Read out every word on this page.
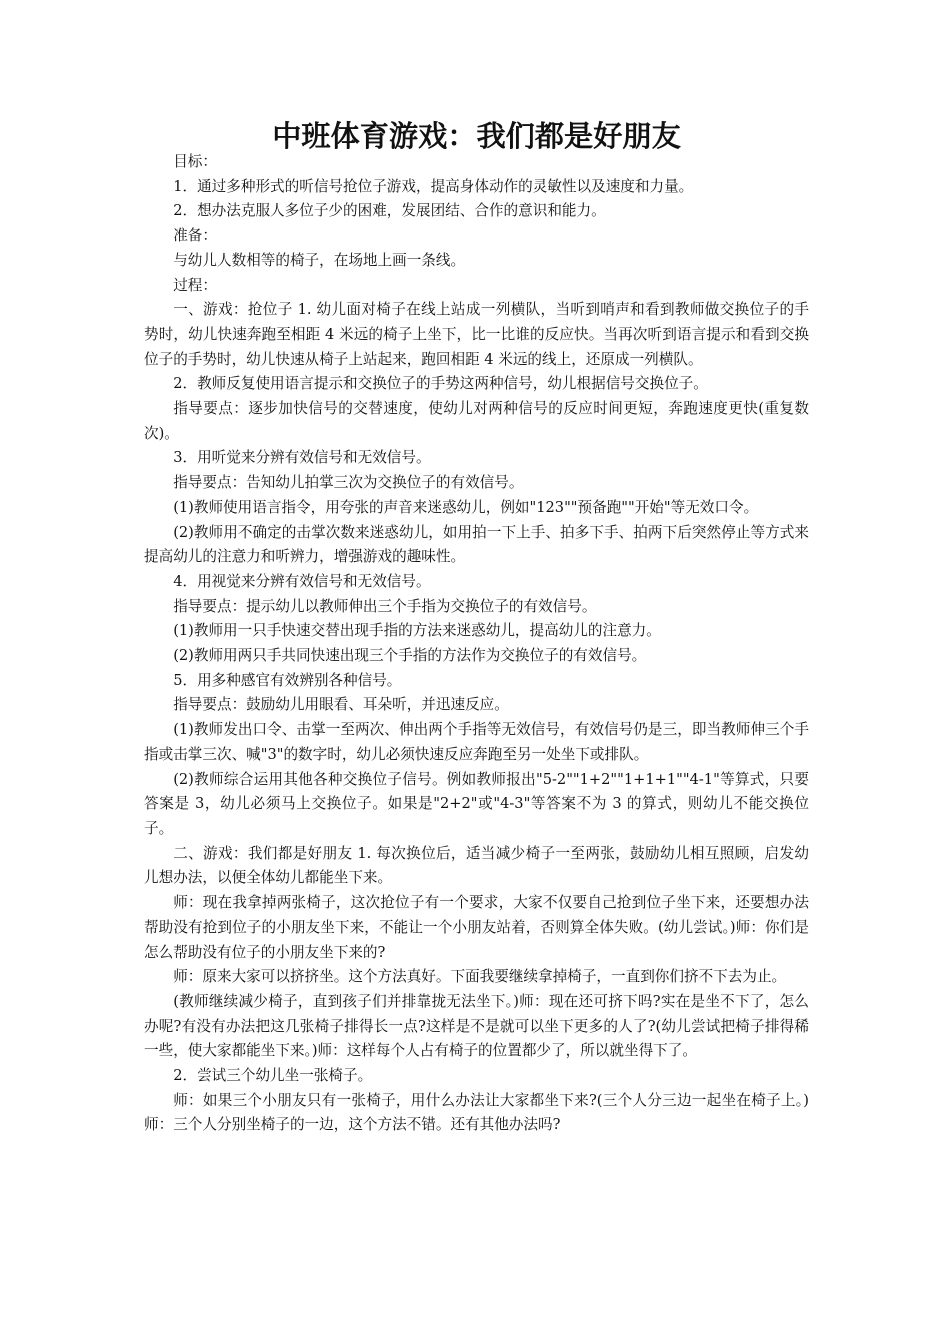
中班体育游戏：我们都是好朋友

目标：

1．通过多种形式的听信号抢位子游戏，提高身体动作的灵敏性以及速度和力量。

2．想办法克服人多位子少的困难，发展团结、合作的意识和能力。

准备：

与幼儿人数相等的椅子，在场地上画一条线。

过程：

一、游戏：抢位子 1. 幼儿面对椅子在线上站成一列横队，当听到哨声和看到教师做交换位子的手势时，幼儿快速奔跑至相距 4 米远的椅子上坐下，比一比谁的反应快。当再次听到语言提示和看到交换位子的手势时，幼儿快速从椅子上站起来，跑回相距 4 米远的线上，还原成一列横队。

2．教师反复使用语言提示和交换位子的手势这两种信号，幼儿根据信号交换位子。

指导要点：逐步加快信号的交替速度，使幼儿对两种信号的反应时间更短，奔跑速度更快(重复数次)。

3．用听觉来分辨有效信号和无效信号。

指导要点：告知幼儿拍掌三次为交换位子的有效信号。

(1)教师使用语言指令，用夸张的声音来迷惑幼儿，例如"123""预备跑""开始"等无效口令。

(2)教师用不确定的击掌次数来迷惑幼儿，如用拍一下上手、拍多下手、拍两下后突然停止等方式来提高幼儿的注意力和听辨力，增强游戏的趣味性。

4．用视觉来分辨有效信号和无效信号。

指导要点：提示幼儿以教师伸出三个手指为交换位子的有效信号。

(1)教师用一只手快速交替出现手指的方法来迷惑幼儿，提高幼儿的注意力。

(2)教师用两只手共同快速出现三个手指的方法作为交换位子的有效信号。

5．用多种感官有效辨别各种信号。

指导要点：鼓励幼儿用眼看、耳朵听，并迅速反应。

(1)教师发出口令、击掌一至两次、伸出两个手指等无效信号，有效信号仍是三，即当教师伸三个手指或击掌三次、喊"3"的数字时，幼儿必须快速反应奔跑至另一处坐下或排队。

(2)教师综合运用其他各种交换位子信号。例如教师报出"5-2""1+2""1+1+1""4-1"等算式，只要答案是 3，幼儿必须马上交换位子。如果是"2+2"或"4-3"等答案不为 3 的算式，则幼儿不能交换位子。

二、游戏：我们都是好朋友 1. 每次换位后，适当减少椅子一至两张，鼓励幼儿相互照顾，启发幼儿想办法，以便全体幼儿都能坐下来。

师：现在我拿掉两张椅子，这次抢位子有一个要求，大家不仅要自己抢到位子坐下来，还要想办法帮助没有抢到位子的小朋友坐下来，不能让一个小朋友站着，否则算全体失败。(幼儿尝试。)师：你们是怎么帮助没有位子的小朋友坐下来的?

师：原来大家可以挤挤坐。这个方法真好。下面我要继续拿掉椅子，一直到你们挤不下去为止。

(教师继续减少椅子，直到孩子们并排靠拢无法坐下。)师：现在还可挤下吗?实在是坐不下了，怎么办呢?有没有办法把这几张椅子排得长一点?这样是不是就可以坐下更多的人了?(幼儿尝试把椅子排得稀一些，使大家都能坐下来。)师：这样每个人占有椅子的位置都少了，所以就坐得下了。

2．尝试三个幼儿坐一张椅子。

师：如果三个小朋友只有一张椅子，用什么办法让大家都坐下来?(三个人分三边一起坐在椅子上。)师：三个人分别坐椅子的一边，这个方法不错。还有其他办法吗?
